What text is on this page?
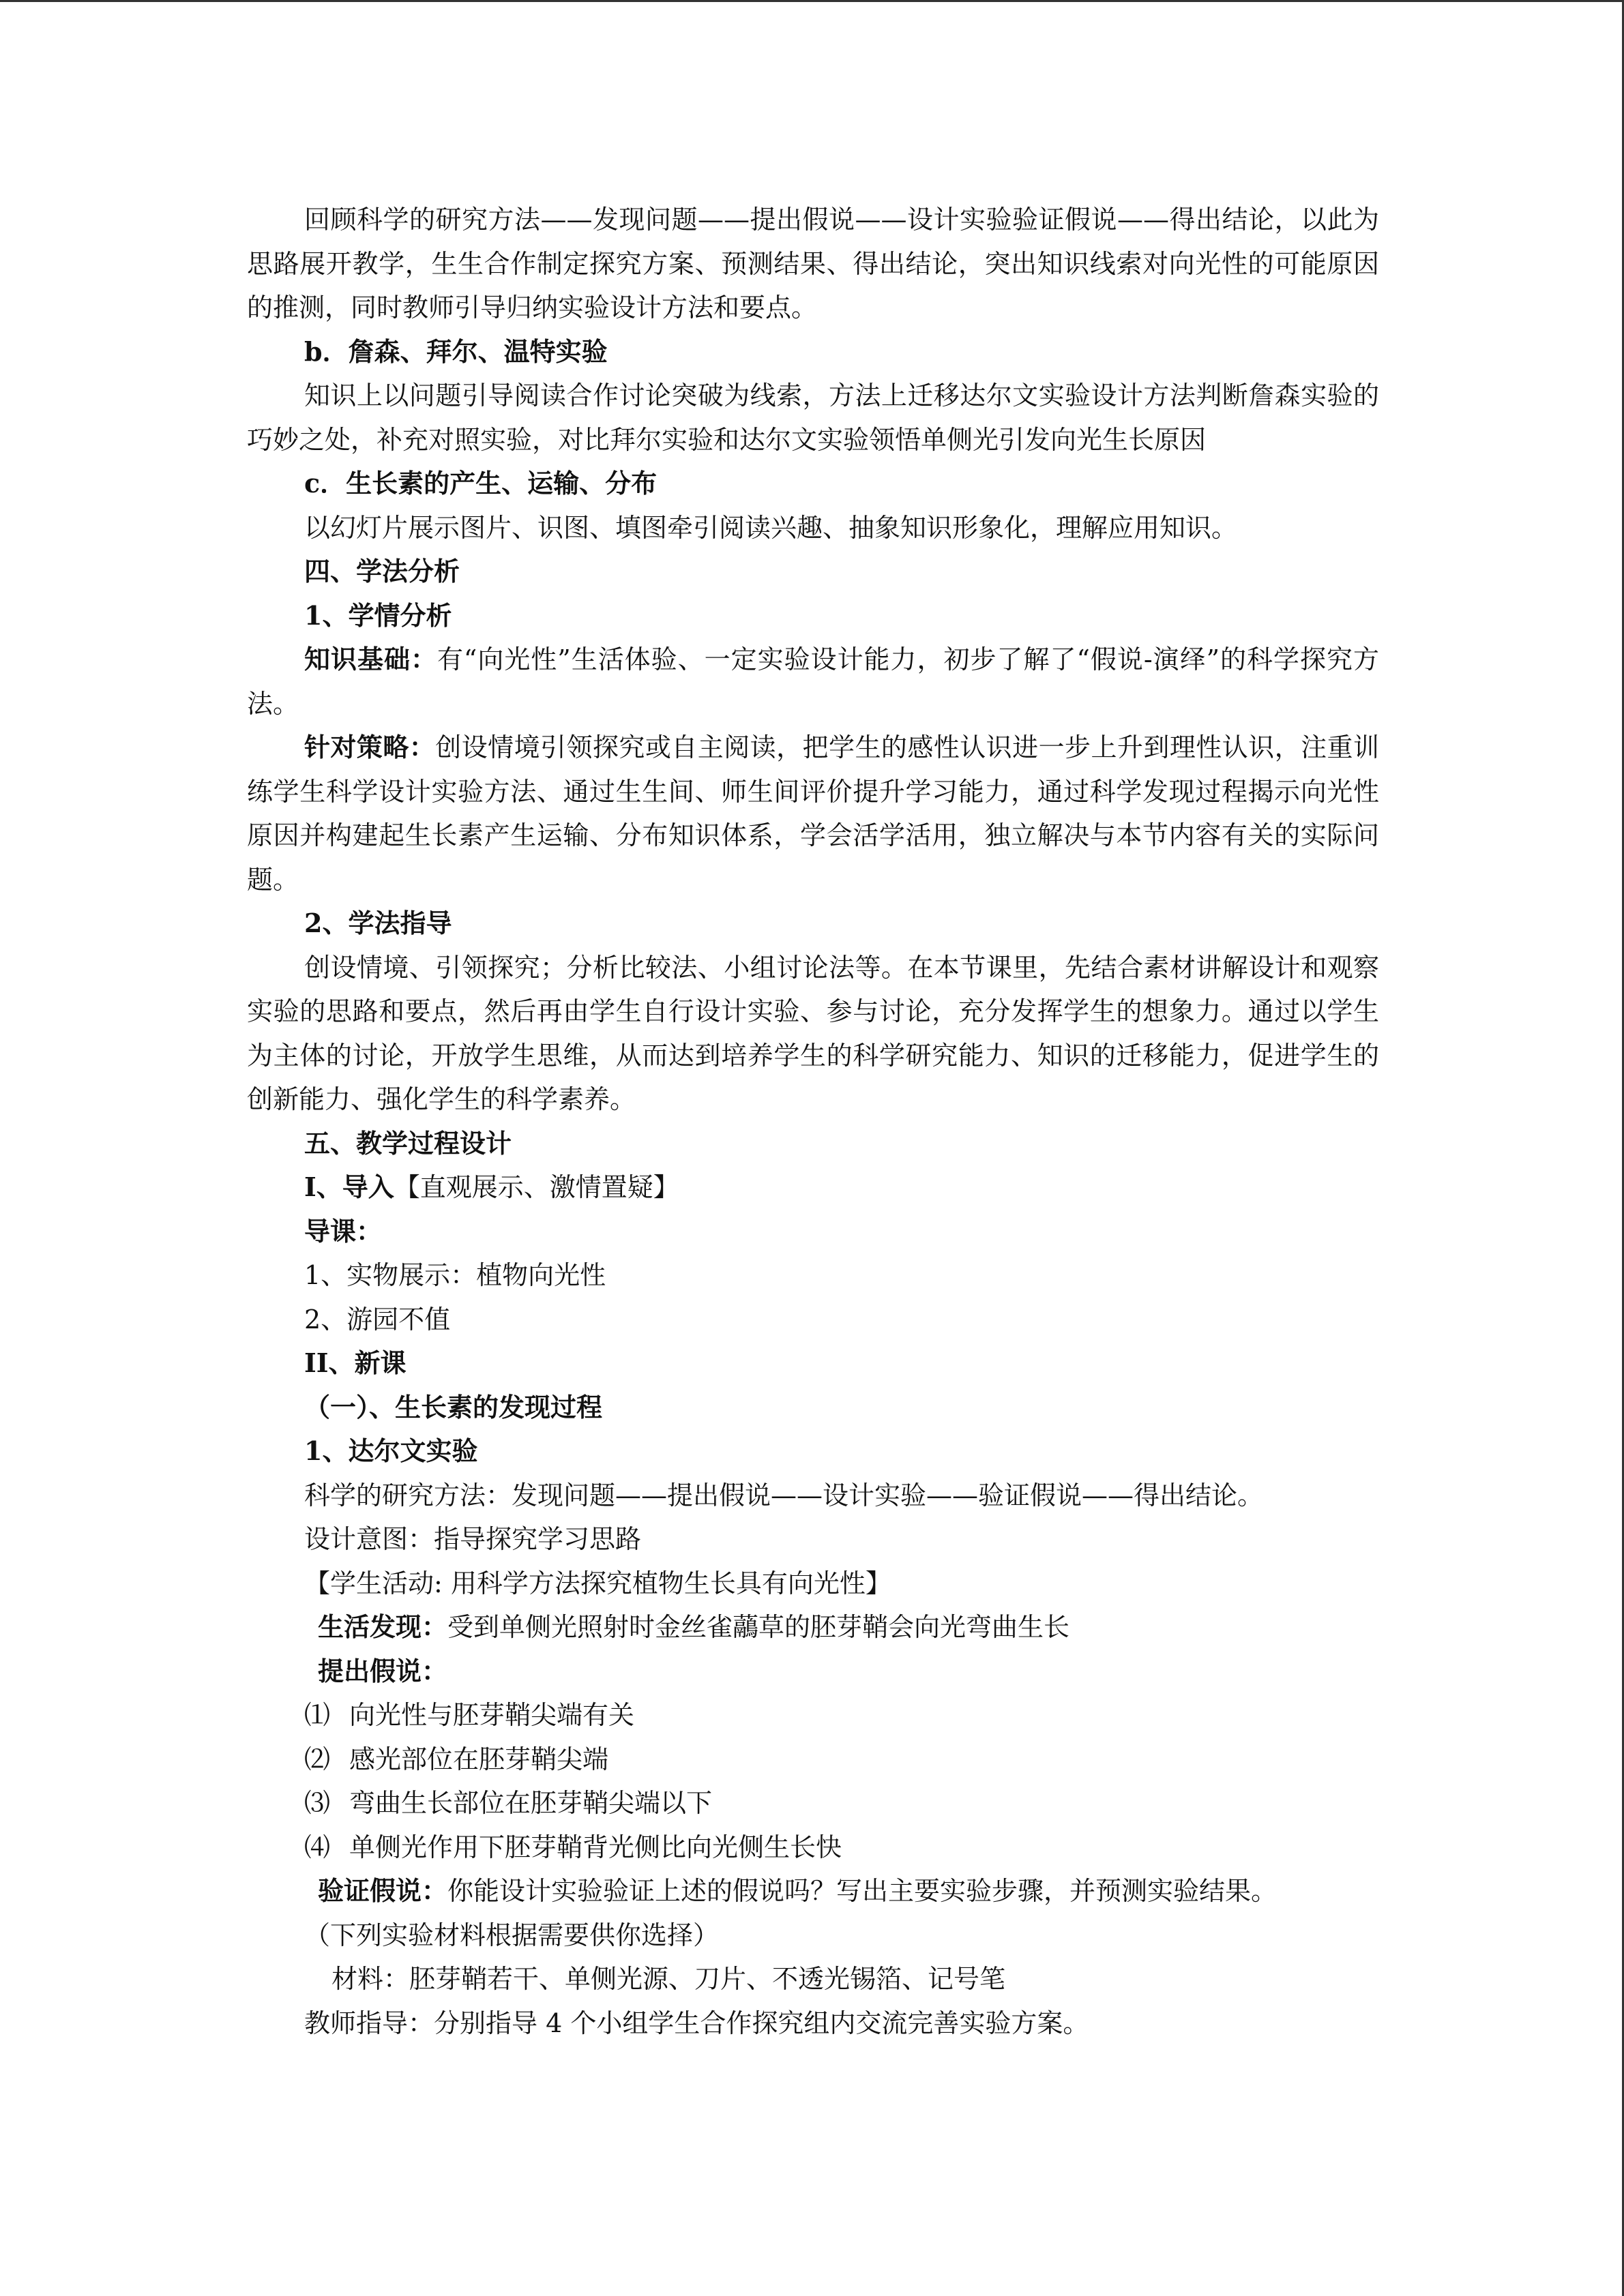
回顾科学的研究方法——发现问题——提出假说——设计实验验证假说——得出结论，以此为思路展开教学，生生合作制定探究方案、预测结果、得出结论，突出知识线索对向光性的可能原因的推测，同时教师引导归纳实验设计方法和要点。

b．詹森、拜尔、温特实验

知识上以问题引导阅读合作讨论突破为线索，方法上迁移达尔文实验设计方法判断詹森实验的巧妙之处，补充对照实验，对比拜尔实验和达尔文实验领悟单侧光引发向光生长原因

c．生长素的产生、运输、分布

以幻灯片展示图片、识图、填图牵引阅读兴趣、抽象知识形象化，理解应用知识。

四、学法分析

1、学情分析

知识基础：有“向光性”生活体验、一定实验设计能力，初步了解了“假说-演绎”的科学探究方法。

针对策略：创设情境引领探究或自主阅读，把学生的感性认识进一步上升到理性认识，注重训练学生科学设计实验方法、通过生生间、师生间评价提升学习能力，通过科学发现过程揭示向光性原因并构建起生长素产生运输、分布知识体系，学会活学活用，独立解决与本节内容有关的实际问题。

2、学法指导

创设情境、引领探究；分析比较法、小组讨论法等。在本节课里，先结合素材讲解设计和观察实验的思路和要点，然后再由学生自行设计实验、参与讨论，充分发挥学生的想象力。通过以学生为主体的讨论，开放学生思维，从而达到培养学生的科学研究能力、知识的迁移能力，促进学生的创新能力、强化学生的科学素养。

五、教学过程设计

I、导入【直观展示、激情置疑】

导课：

1、实物展示：植物向光性

2、游园不值

II、新课

（一）、生长素的发现过程

1、达尔文实验

科学的研究方法：发现问题——提出假说——设计实验——验证假说——得出结论。

设计意图：指导探究学习思路

【学生活动: 用科学方法探究植物生长具有向光性】

生活发现：受到单侧光照射时金丝雀虉草的胚芽鞘会向光弯曲生长

提出假说：

⑴ 向光性与胚芽鞘尖端有关

⑵ 感光部位在胚芽鞘尖端

⑶ 弯曲生长部位在胚芽鞘尖端以下

⑷ 单侧光作用下胚芽鞘背光侧比向光侧生长快

验证假说：你能设计实验验证上述的假说吗？写出主要实验步骤，并预测实验结果。

（下列实验材料根据需要供你选择）

材料：胚芽鞘若干、单侧光源、刀片、不透光锡箔、记号笔

教师指导：分别指导 4 个小组学生合作探究组内交流完善实验方案。
